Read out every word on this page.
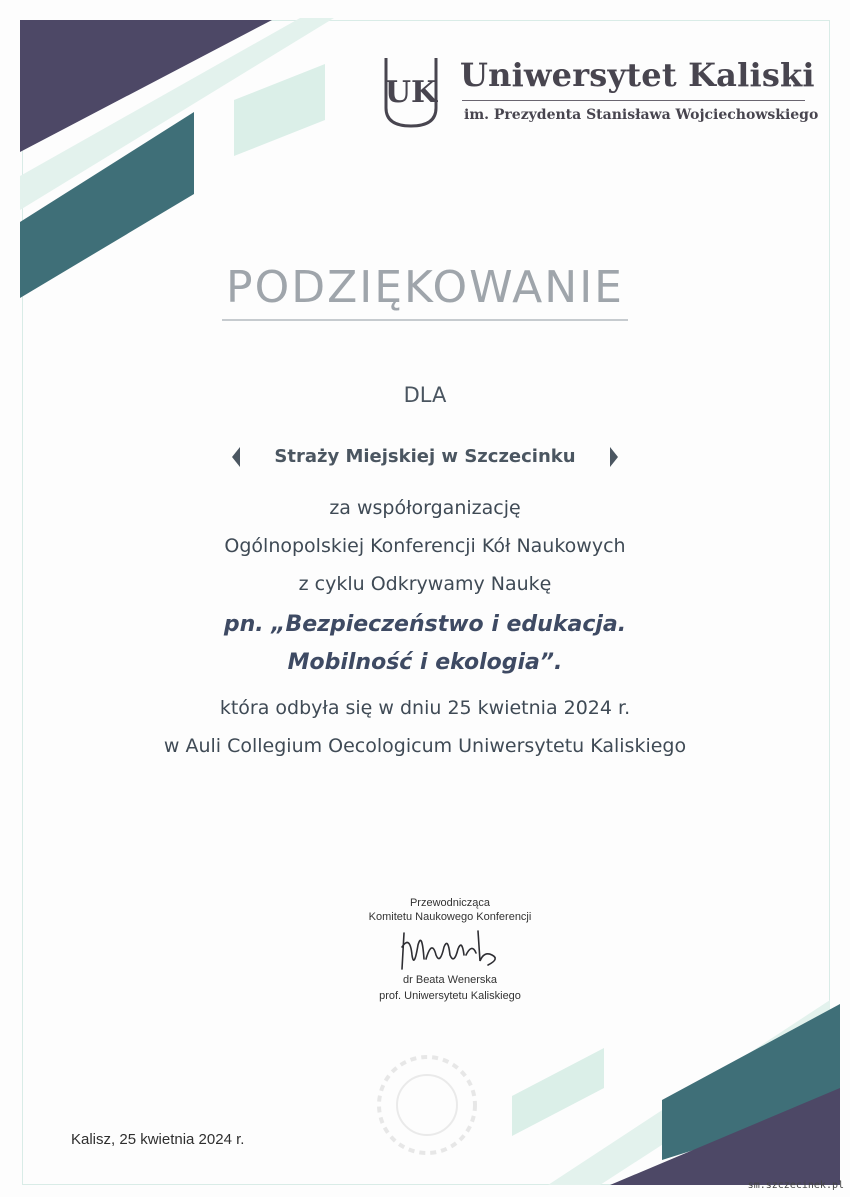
UK Uniwersytet Kaliski
im. Prezydenta Stanisława Wojciechowskiego
PODZIĘKOWANIE
DLA
Straży Miejskiej w Szczecinku
za współorganizację
Ogólnopolskiej Konferencji Kół Naukowych
z cyklu Odkrywamy Naukę
pn. „Bezpieczeństwo i edukacja.
Mobilność i ekologia”.
która odbyła się w dniu 25 kwietnia 2024 r.
w Auli Collegium Oecologicum Uniwersytetu Kaliskiego
Przewodnicząca
Komitetu Naukowego Konferencji
dr Beata Wenerska
prof. Uniwersytetu Kaliskiego
Kalisz, 25 kwietnia 2024 r.
sm.szczecinek.pl
